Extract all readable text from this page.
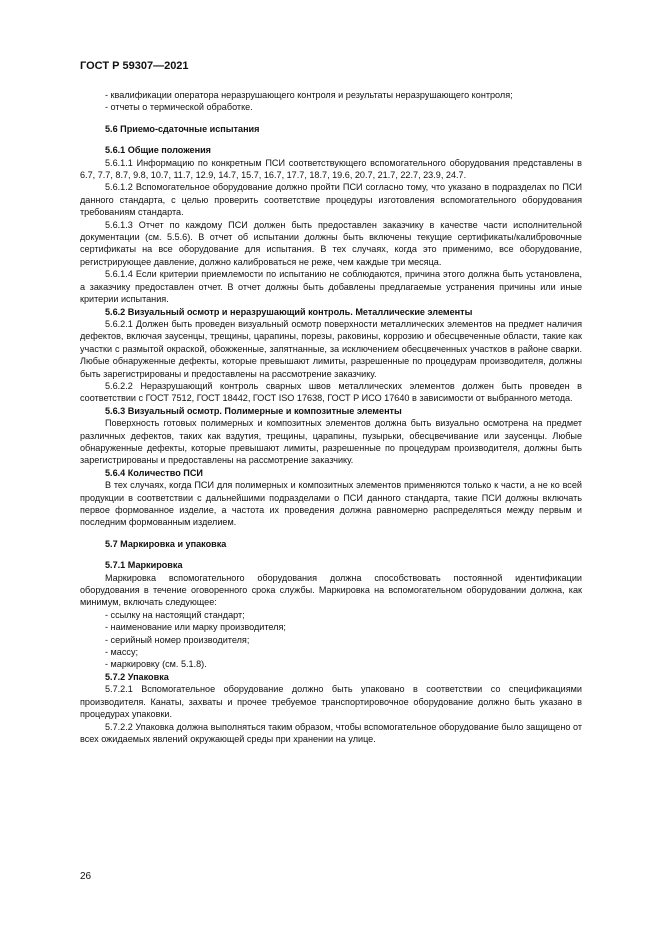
ГОСТ Р 59307—2021

- квалификации оператора неразрушающего контроля и результаты неразрушающего контроля;

- отчеты о термической обработке.

5.6 Приемо-сдаточные испытания

5.6.1 Общие положения

5.6.1.1 Информацию по конкретным ПСИ соответствующего вспомогательного оборудования представлены в 6.7, 7.7, 8.7, 9.8, 10.7, 11.7, 12.9, 14.7, 15.7, 16.7, 17.7, 18.7, 19.6, 20.7, 21.7, 22.7, 23.9, 24.7.

5.6.1.2 Вспомогательное оборудование должно пройти ПСИ согласно тому, что указано в подразделах по ПСИ данного стандарта, с целью проверить соответствие процедуры изготовления вспомогательного оборудования требованиям стандарта.

5.6.1.3 Отчет по каждому ПСИ должен быть предоставлен заказчику в качестве части исполнительной документации (см. 5.5.6). В отчет об испытании должны быть включены текущие сертификаты/калибровочные сертификаты на все оборудование для испытания. В тех случаях, когда это применимо, все оборудование, регистрирующее давление, должно калиброваться не реже, чем каждые три месяца.

5.6.1.4 Если критерии приемлемости по испытанию не соблюдаются, причина этого должна быть установлена, а заказчику предоставлен отчет. В отчет должны быть добавлены предлагаемые устранения причины или иные критерии испытания.

5.6.2 Визуальный осмотр и неразрушающий контроль. Металлические элементы

5.6.2.1 Должен быть проведен визуальный осмотр поверхности металлических элементов на предмет наличия дефектов, включая заусенцы, трещины, царапины, порезы, раковины, коррозию и обесцвеченные области, такие как участки с размытой окраской, обожженные, запятнанные, за исключением обесцвеченных участков в районе сварки. Любые обнаруженные дефекты, которые превышают лимиты, разрешенные по процедурам производителя, должны быть зарегистрированы и предоставлены на рассмотрение заказчику.

5.6.2.2 Неразрушающий контроль сварных швов металлических элементов должен быть проведен в соответствии с ГОСТ 7512, ГОСТ 18442, ГОСТ ISO 17638, ГОСТ Р ИСО 17640 в зависимости от выбранного метода.

5.6.3 Визуальный осмотр. Полимерные и композитные элементы

Поверхность готовых полимерных и композитных элементов должна быть визуально осмотрена на предмет различных дефектов, таких как вздутия, трещины, царапины, пузырьки, обесцвечивание или заусенцы. Любые обнаруженные дефекты, которые превышают лимиты, разрешенные по процедурам производителя, должны быть зарегистрированы и предоставлены на рассмотрение заказчику.

5.6.4 Количество ПСИ

В тех случаях, когда ПСИ для полимерных и композитных элементов применяются только к части, а не ко всей продукции в соответствии с дальнейшими подразделами о ПСИ данного стандарта, такие ПСИ должны включать первое формованное изделие, а частота их проведения должна равномерно распределяться между первым и последним формованным изделием.

5.7 Маркировка и упаковка

5.7.1 Маркировка

Маркировка вспомогательного оборудования должна способствовать постоянной идентификации оборудования в течение оговоренного срока службы. Маркировка на вспомогательном оборудовании должна, как минимум, включать следующее:

- ссылку на настоящий стандарт;

- наименование или марку производителя;

- серийный номер производителя;

- массу;

- маркировку (см. 5.1.8).

5.7.2 Упаковка

5.7.2.1 Вспомогательное оборудование должно быть упаковано в соответствии со спецификациями производителя. Канаты, захваты и прочее требуемое транспортировочное оборудование должно быть указано в процедурах упаковки.

5.7.2.2 Упаковка должна выполняться таким образом, чтобы вспомогательное оборудование было защищено от всех ожидаемых явлений окружающей среды при хранении на улице.

26
